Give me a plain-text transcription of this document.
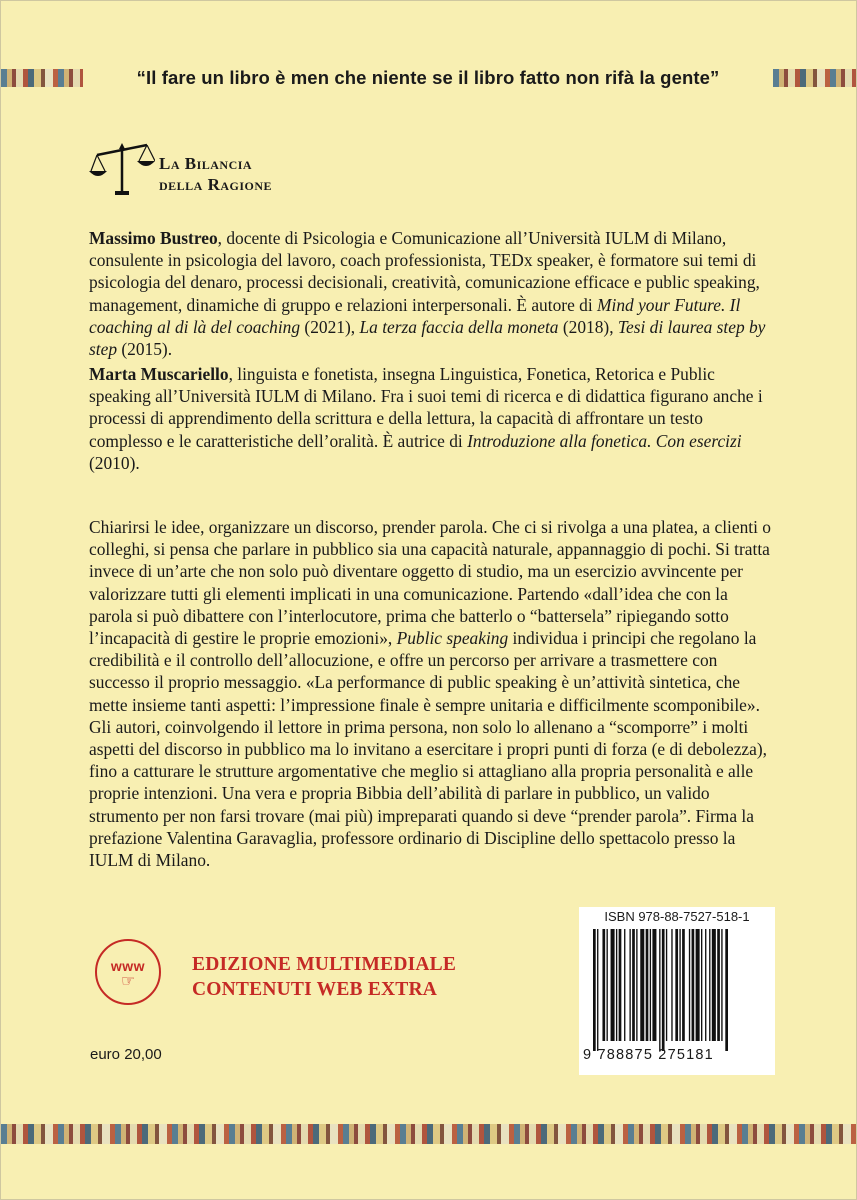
“Il fare un libro è men che niente se il libro fatto non rifà la gente”
La Bilancia
della Ragione

Massimo Bustreo, docente di Psicologia e Comunicazione all’Università IULM di Milano, consulente in psicologia del lavoro, coach professionista, TEDx speaker, è formatore sui temi di psicologia del denaro, processi decisionali, creatività, comunicazione efficace e public speaking, management, dinamiche di gruppo e relazioni interpersonali. È autore di Mind your Future. Il coaching al di là del coaching (2021), La terza faccia della moneta (2018), Tesi di laurea step by step (2015).

Marta Muscariello, linguista e fonetista, insegna Linguistica, Fonetica, Retorica e Public speaking all’Università IULM di Milano. Fra i suoi temi di ricerca e di didattica figurano anche i processi di apprendimento della scrittura e della lettura, la capacità di affrontare un testo complesso e le caratteristiche dell’oralità. È autrice di Introduzione alla fonetica. Con esercizi (2010).

Chiarirsi le idee, organizzare un discorso, prender parola. Che ci si rivolga a una platea, a clienti o colleghi, si pensa che parlare in pubblico sia una capacità naturale, appannaggio di pochi. Si tratta invece di un’arte che non solo può diventare oggetto di studio, ma un esercizio avvincente per valorizzare tutti gli elementi implicati in una comunicazione. Partendo «dall’idea che con la parola si può dibattere con l’interlocutore, prima che batterlo o “battersela” ripiegando sotto l’incapacità di gestire le proprie emozioni», Public speaking individua i principi che regolano la credibilità e il controllo dell’allocuzione, e offre un percorso per arrivare a trasmettere con successo il proprio messaggio. «La performance di public speaking è un’attività sintetica, che mette insieme tanti aspetti: l’impressione finale è sempre unitaria e difficilmente scomponibile». Gli autori, coinvolgendo il lettore in prima persona, non solo lo allenano a “scomporre” i molti aspetti del discorso in pubblico ma lo invitano a esercitare i propri punti di forza (e di debolezza), fino a catturare le strutture argomentative che meglio si attagliano alla propria personalità e alle proprie intenzioni. Una vera e propria Bibbia dell’abilità di parlare in pubblico, un valido strumento per non farsi trovare (mai più) impreparati quando si deve “prender parola”. Firma la prefazione Valentina Garavaglia, professore ordinario di Discipline dello spettacolo presso la IULM di Milano.

www
☞
EDIZIONE MULTIMEDIALE
CONTENUTI WEB EXTRA
euro 20,00
ISBN 978-88-7527-518-1
9 788875 275181
